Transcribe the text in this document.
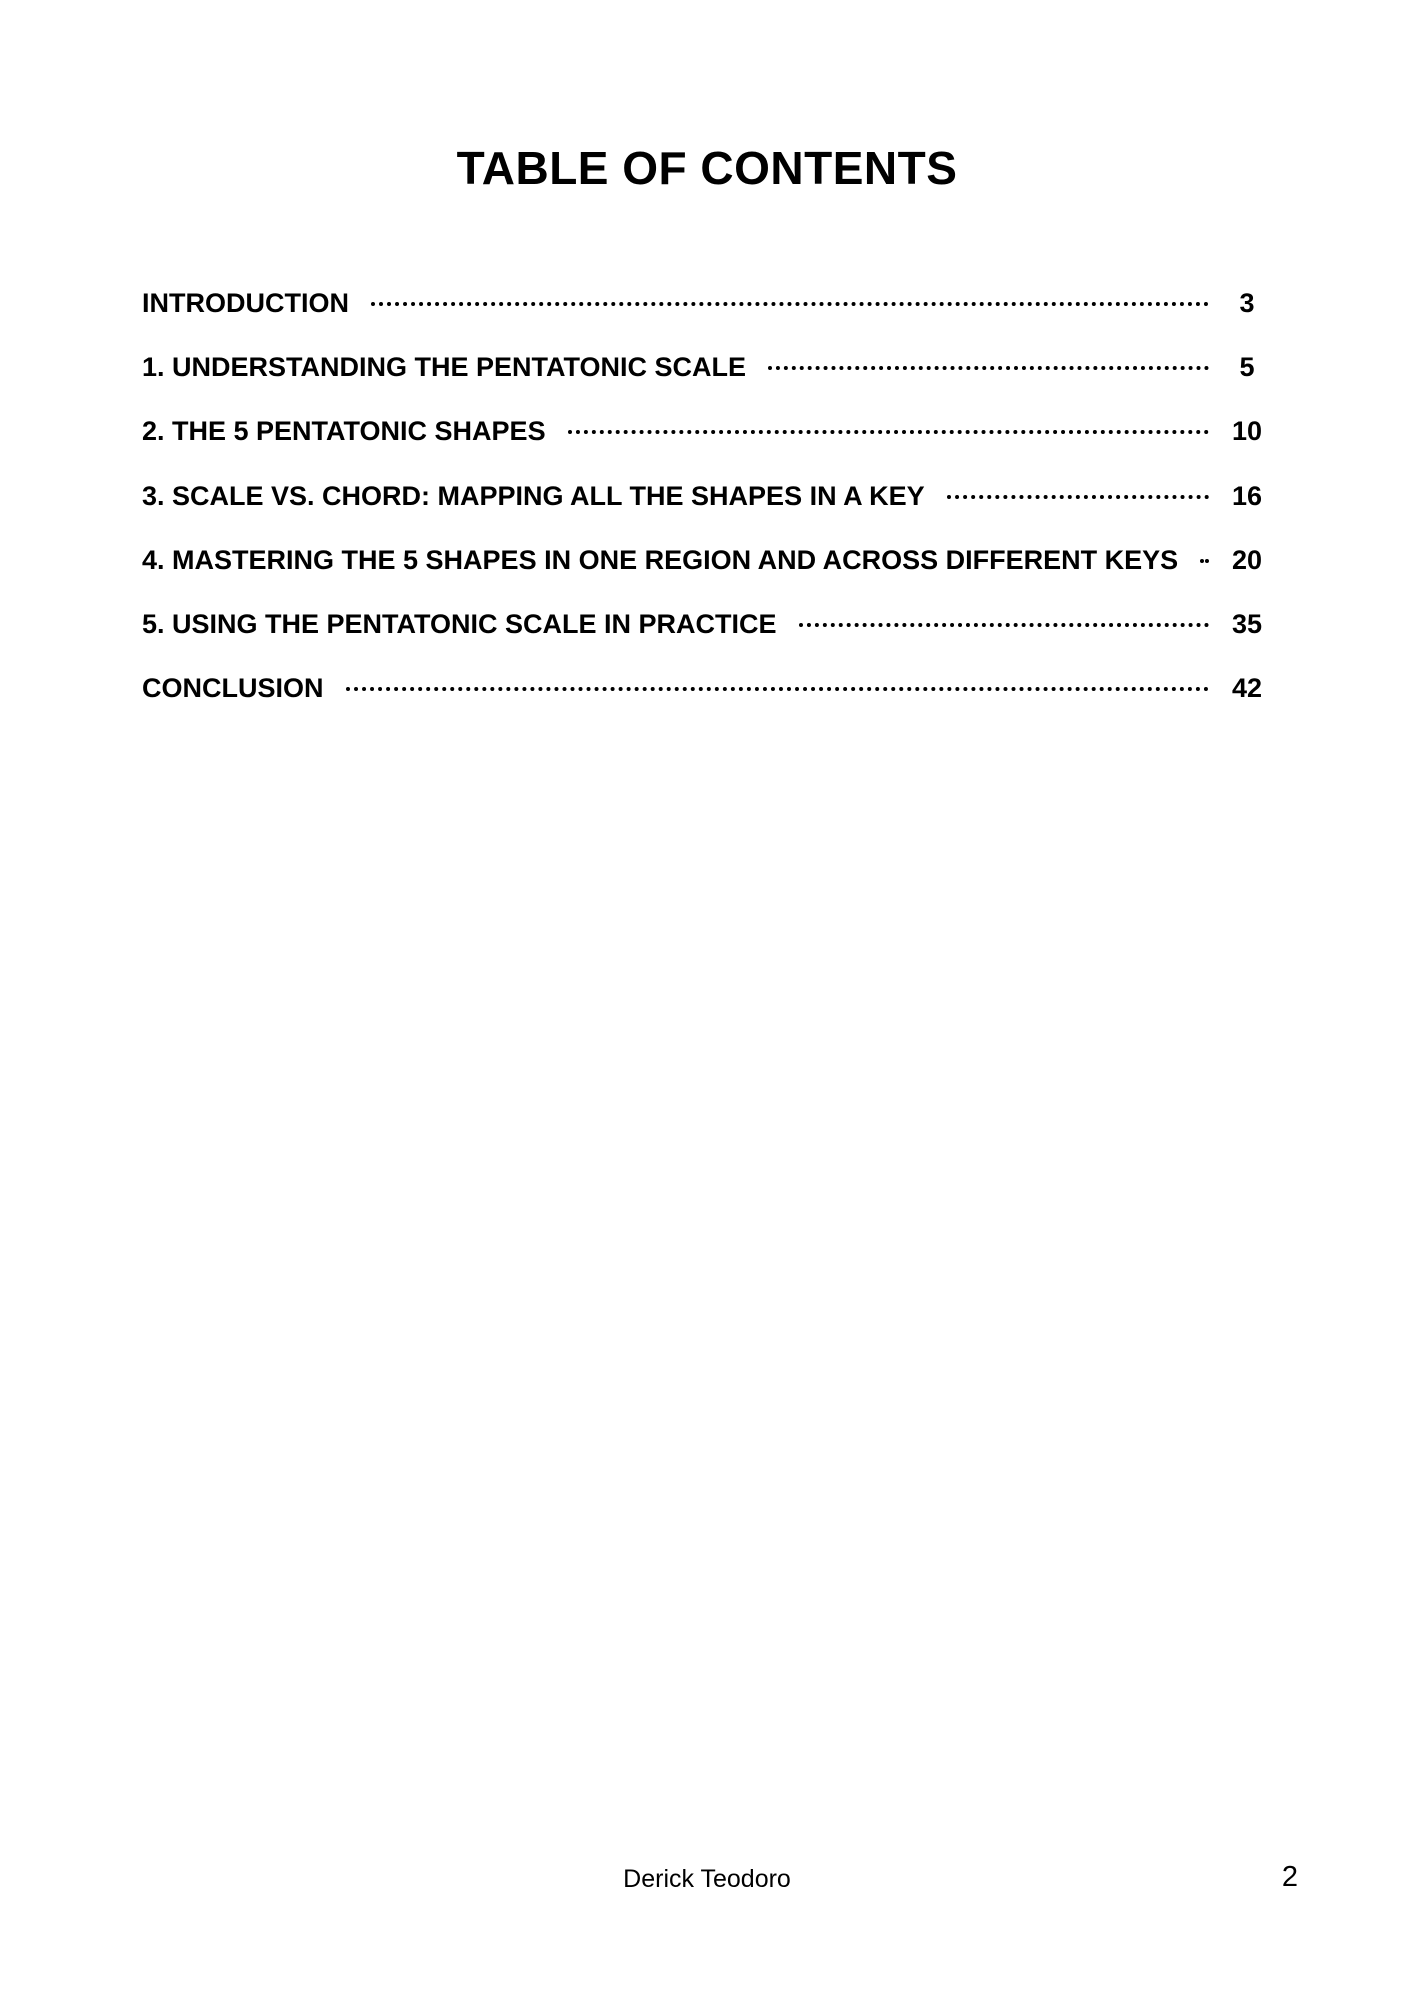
TABLE OF CONTENTS
INTRODUCTION	3
1. UNDERSTANDING THE PENTATONIC SCALE	5
2. THE 5 PENTATONIC SHAPES	10
3. SCALE VS. CHORD: MAPPING ALL THE SHAPES IN A KEY	16
4. MASTERING THE 5 SHAPES IN ONE REGION AND ACROSS DIFFERENT KEYS	20
5. USING THE PENTATONIC SCALE IN PRACTICE	35
CONCLUSION	42
Derick Teodoro	2
